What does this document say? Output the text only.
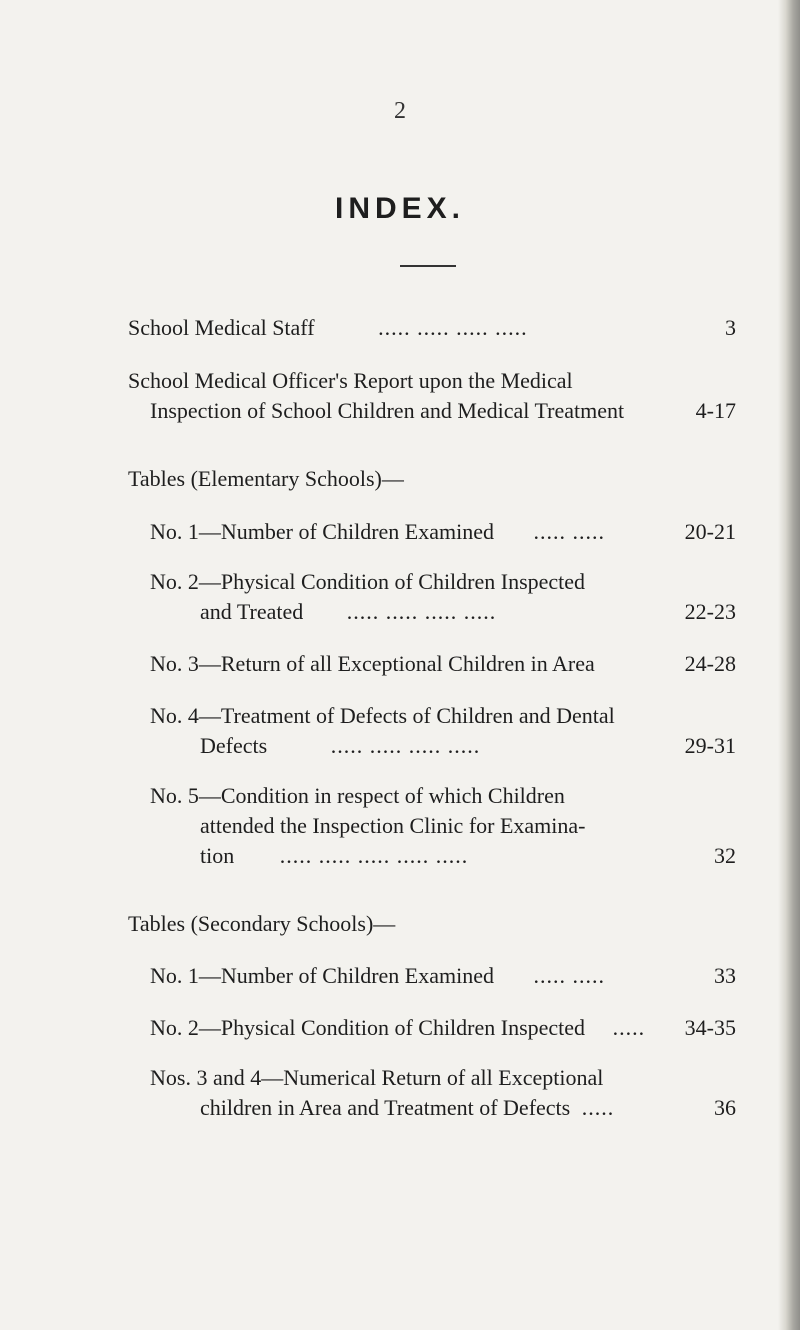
2
INDEX.
School Medical Staff	..... ..... ..... .....	3
School Medical Officer's Report upon the Medical
Inspection of School Children and Medical Treatment	4-17
Tables (Elementary Schools)—
No. 1—Number of Children Examined ..... .....	20-21
No. 2—Physical Condition of Children Inspected
and Treated ..... ..... ..... .....	22-23
No. 3—Return of all Exceptional Children in Area	24-28
No. 4—Treatment of Defects of Children and Dental
Defects	..... ..... ..... .....	29-31
No. 5—Condition in respect of which Children
attended the Inspection Clinic for Examina-
tion ..... ..... ..... ..... .....	32
Tables (Secondary Schools)—
No. 1—Number of Children Examined ..... .....	33
No. 2—Physical Condition of Children Inspected ..... 34-35
Nos. 3 and 4—Numerical Return of all Exceptional
children in Area and Treatment of Defects .....	36
